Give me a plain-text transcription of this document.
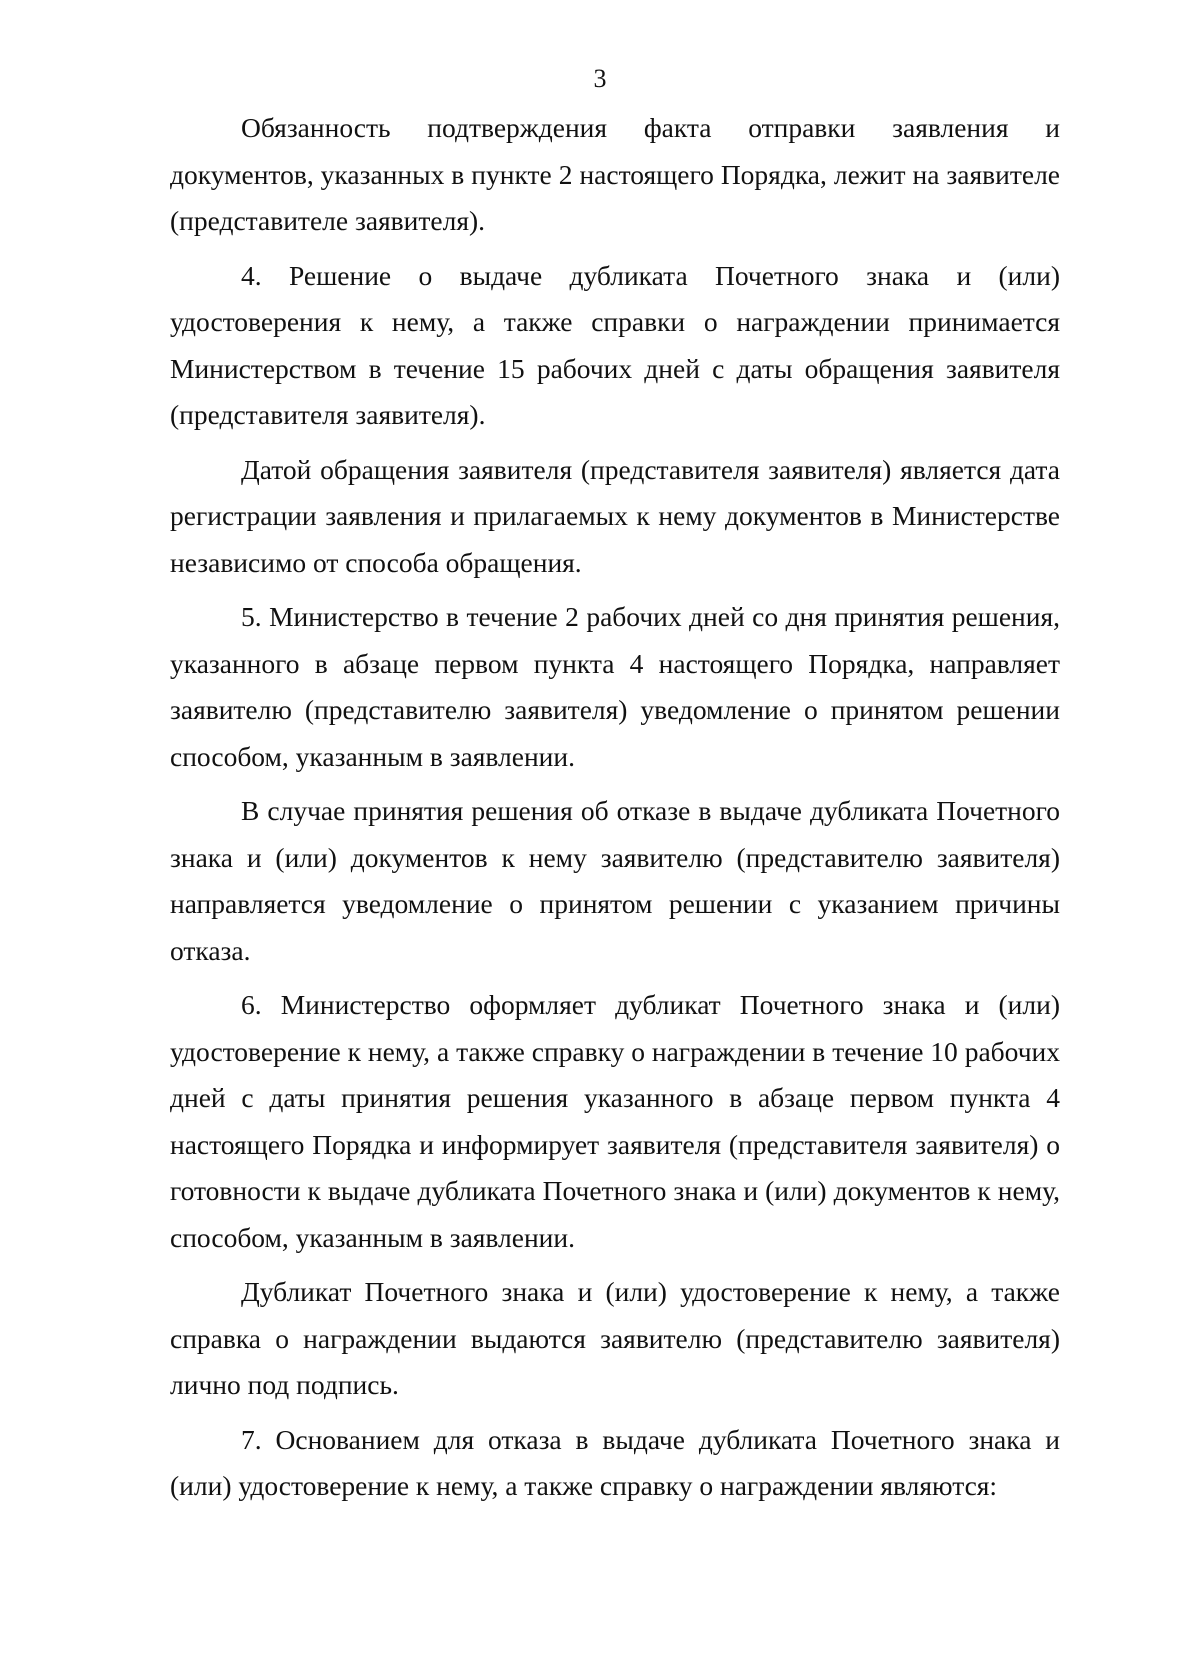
3

Обязанность подтверждения факта отправки заявления и документов, указанных в пункте 2 настоящего Порядка, лежит на заявителе (представителе заявителя).

4. Решение о выдаче дубликата Почетного знака и (или) удостоверения к нему, а также справки о награждении принимается Министерством в течение 15 рабочих дней с даты обращения заявителя (представителя заявителя).

Датой обращения заявителя (представителя заявителя) является дата регистрации заявления и прилагаемых к нему документов в Министерстве независимо от способа обращения.

5. Министерство в течение 2 рабочих дней со дня принятия решения, указанного в абзаце первом пункта 4 настоящего Порядка, направляет заявителю (представителю заявителя) уведомление о принятом решении способом, указанным в заявлении.

В случае принятия решения об отказе в выдаче дубликата Почетного знака и (или) документов к нему заявителю (представителю заявителя) направляется уведомление о принятом решении с указанием причины отказа.

6. Министерство оформляет дубликат Почетного знака и (или) удостоверение к нему, а также справку о награждении в течение 10 рабочих дней с даты принятия решения указанного в абзаце первом пункта 4 настоящего Порядка и информирует заявителя (представителя заявителя) о готовности к выдаче дубликата Почетного знака и (или) документов к нему, способом, указанным в заявлении.

Дубликат Почетного знака и (или) удостоверение к нему, а также справка о награждении выдаются заявителю (представителю заявителя) лично под подпись.

7. Основанием для отказа в выдаче дубликата Почетного знака и (или) удостоверение к нему, а также справку о награждении являются:
